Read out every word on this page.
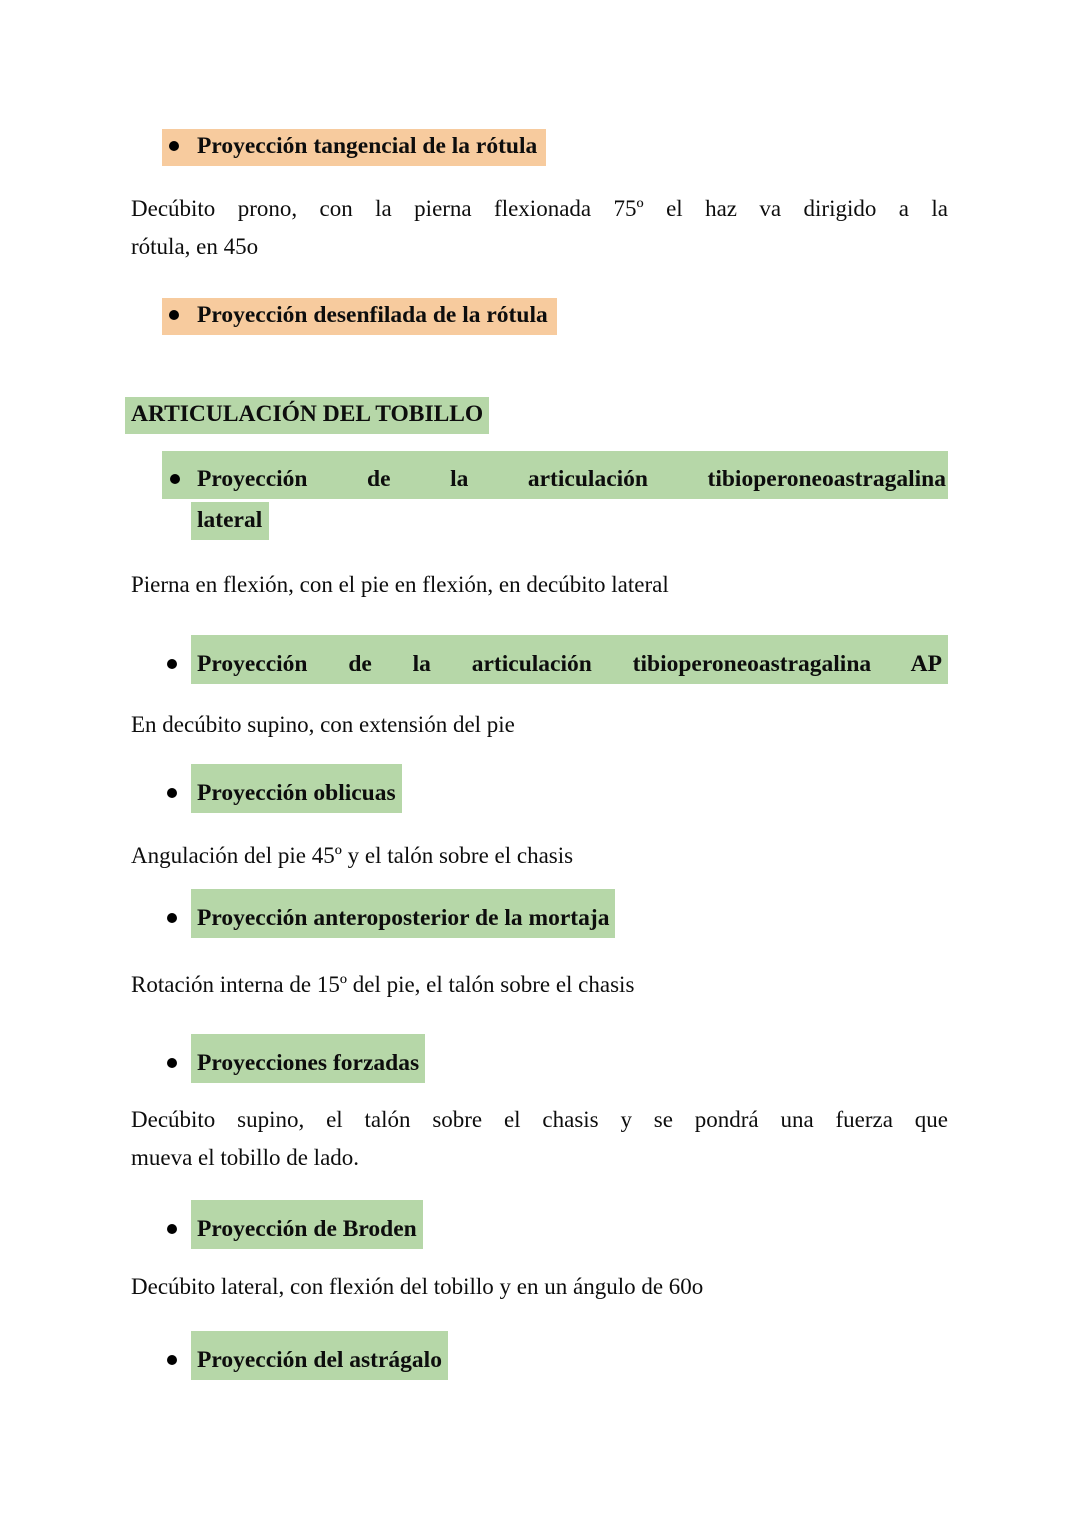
Proyección tangencial de la rótula
Decúbito prono, con la pierna flexionada 75º el haz va dirigido a la
rótula, en 45o
Proyección desenfilada de la rótula
ARTICULACIÓN DEL TOBILLO
Proyección de la articulación tibioperoneoastragalina
lateral
Pierna en flexión, con el pie en flexión, en decúbito lateral
Proyección de la articulación tibioperoneoastragalina AP
En decúbito supino, con extensión del pie
Proyección oblicuas
Angulación del pie 45º y el talón sobre el chasis
Proyección anteroposterior de la mortaja
Rotación interna de 15º del pie, el talón sobre el chasis
Proyecciones forzadas
Decúbito supino, el talón sobre el chasis y se pondrá una fuerza que
mueva el tobillo de lado.
Proyección de Broden
Decúbito lateral, con flexión del tobillo y en un ángulo de 60o
Proyección del astrágalo
